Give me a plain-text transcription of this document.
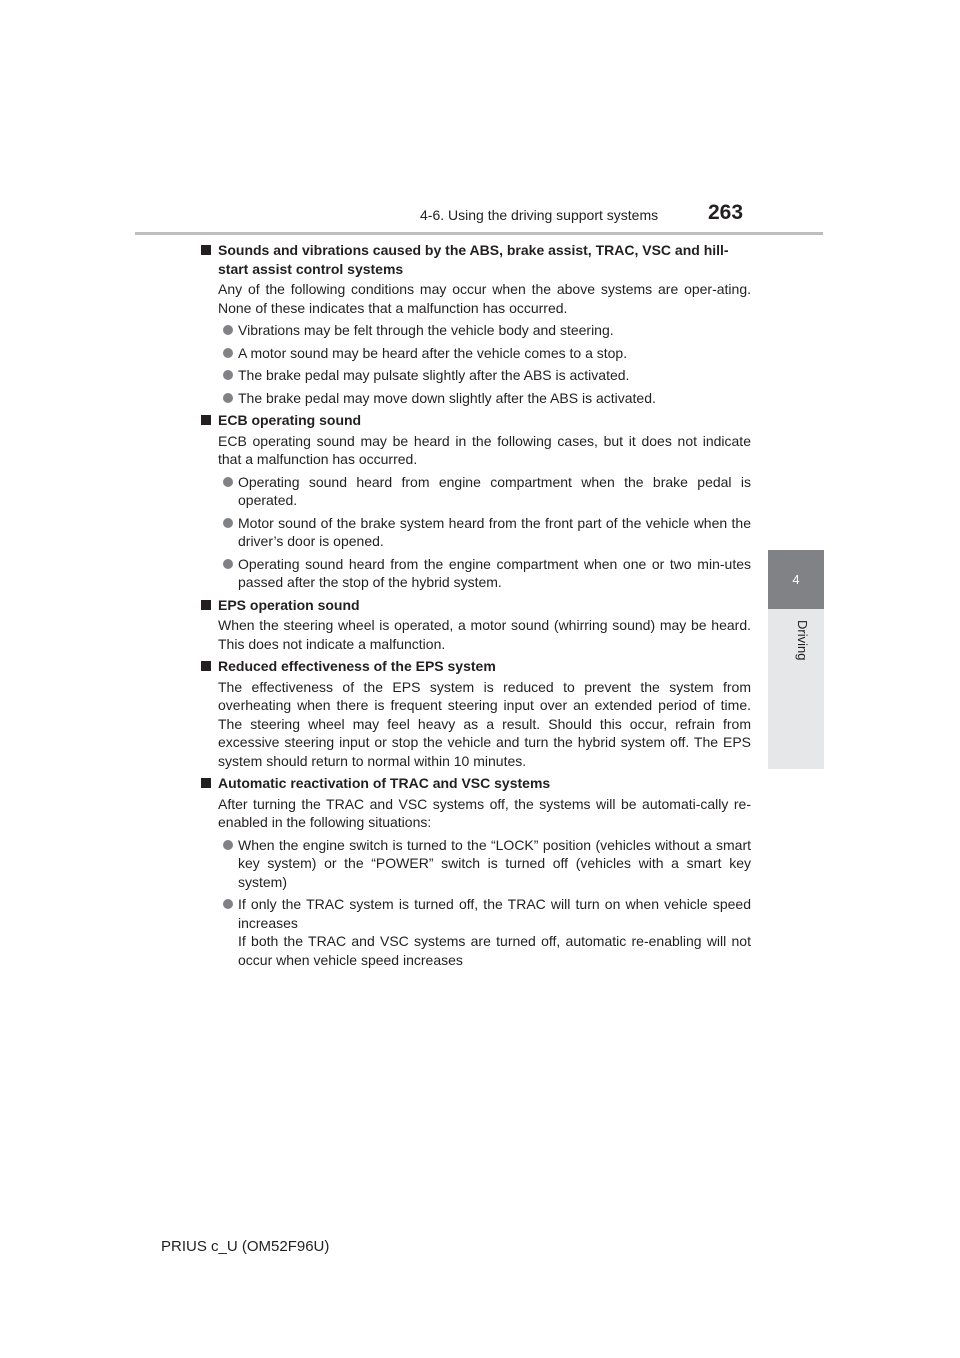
4-6. Using the driving support systems 263
4
Driving
Sounds and vibrations caused by the ABS, brake assist, TRAC, VSC and hill-start assist control systems
Any of the following conditions may occur when the above systems are oper-ating. None of these indicates that a malfunction has occurred.
Vibrations may be felt through the vehicle body and steering.
A motor sound may be heard after the vehicle comes to a stop.
The brake pedal may pulsate slightly after the ABS is activated.
The brake pedal may move down slightly after the ABS is activated.
ECB operating sound
ECB operating sound may be heard in the following cases, but it does not indicate that a malfunction has occurred.
Operating sound heard from engine compartment when the brake pedal is operated.
Motor sound of the brake system heard from the front part of the vehicle when the driver’s door is opened.
Operating sound heard from the engine compartment when one or two min-utes passed after the stop of the hybrid system.
EPS operation sound
When the steering wheel is operated, a motor sound (whirring sound) may be heard. This does not indicate a malfunction.
Reduced effectiveness of the EPS system
The effectiveness of the EPS system is reduced to prevent the system from overheating when there is frequent steering input over an extended period of time. The steering wheel may feel heavy as a result. Should this occur, refrain from excessive steering input or stop the vehicle and turn the hybrid system off. The EPS system should return to normal within 10 minutes.
Automatic reactivation of TRAC and VSC systems
After turning the TRAC and VSC systems off, the systems will be automati-cally re-enabled in the following situations:
When the engine switch is turned to the “LOCK” position (vehicles without a smart key system) or the “POWER” switch is turned off (vehicles with a smart key system)
If only the TRAC system is turned off, the TRAC will turn on when vehicle speed increases
If both the TRAC and VSC systems are turned off, automatic re-enabling will not occur when vehicle speed increases
PRIUS c_U (OM52F96U)
